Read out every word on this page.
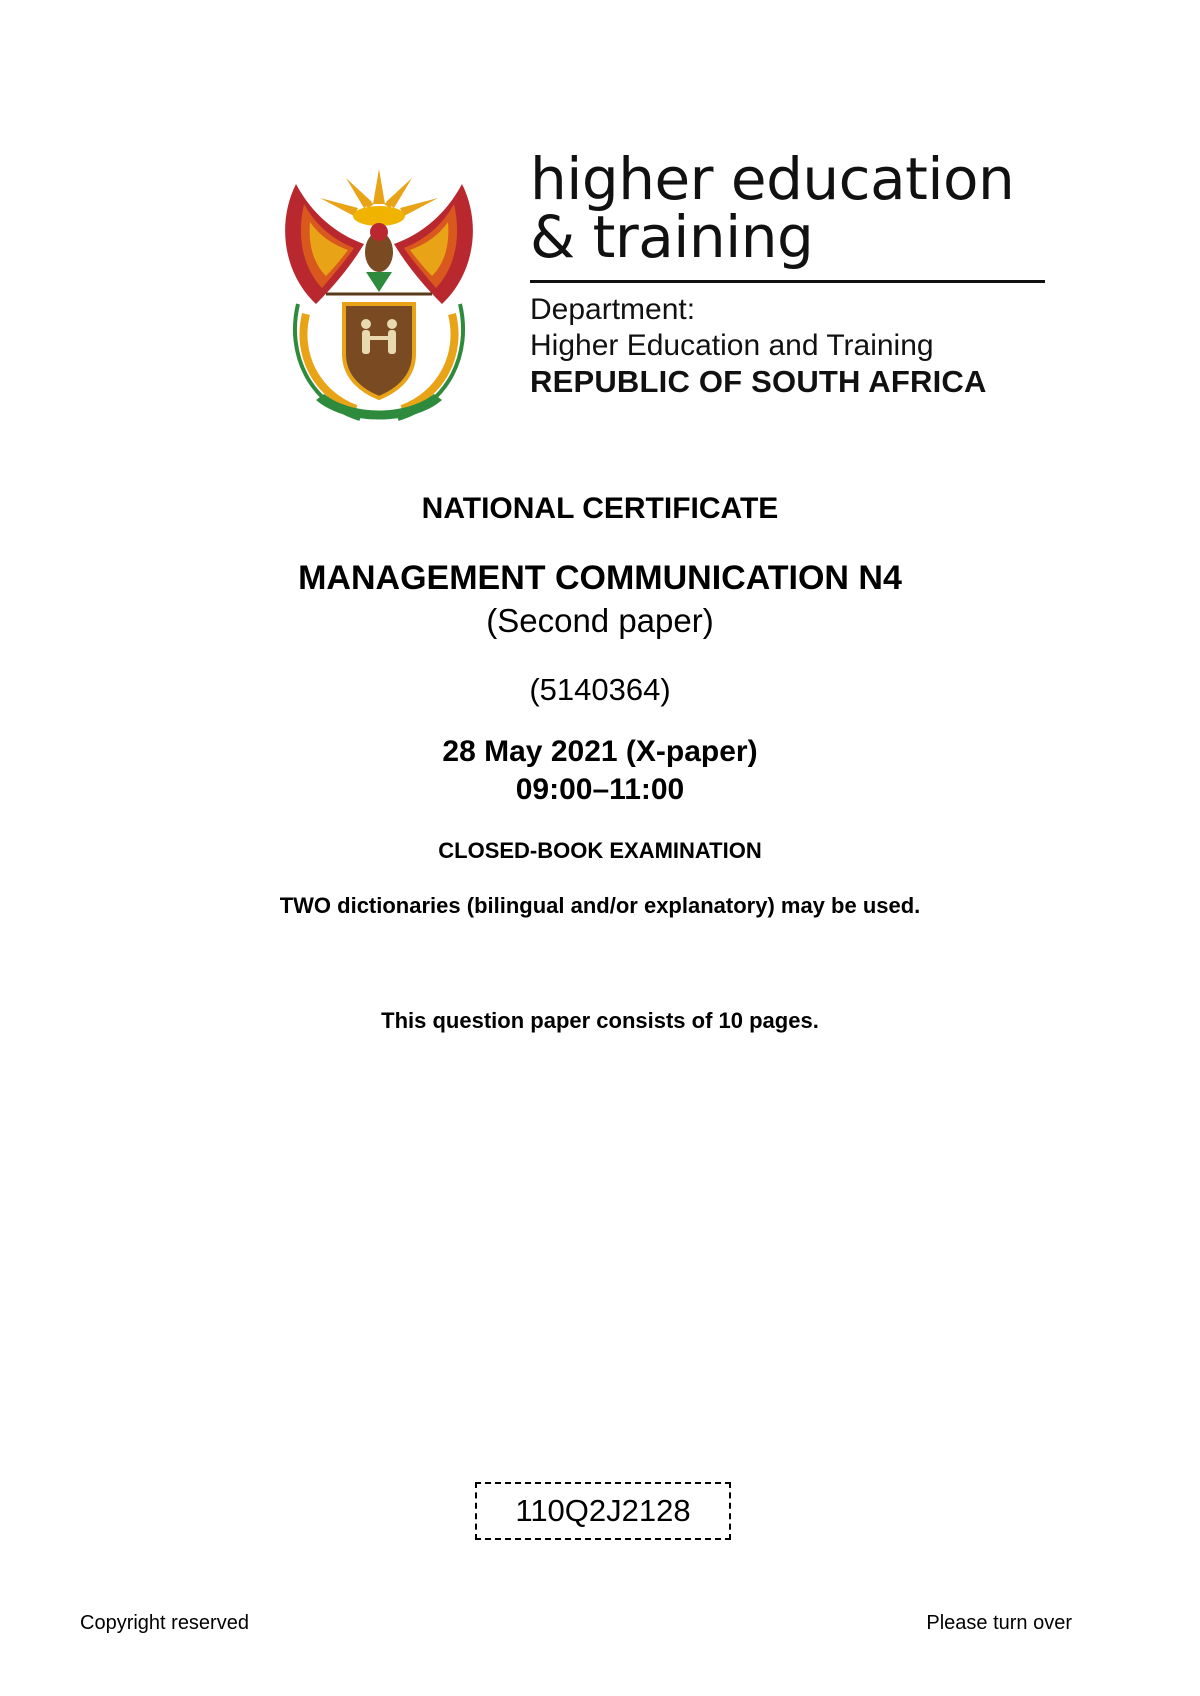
higher education
& training
Department:
Higher Education and Training
REPUBLIC OF SOUTH AFRICA
NATIONAL CERTIFICATE
MANAGEMENT COMMUNICATION N4
(Second paper)
(5140364)
28 May 2021 (X-paper)
09:00–11:00
CLOSED-BOOK EXAMINATION
TWO dictionaries (bilingual and/or explanatory) may be used.
This question paper consists of 10 pages.
110Q2J2128
Copyright reserved	Please turn over
